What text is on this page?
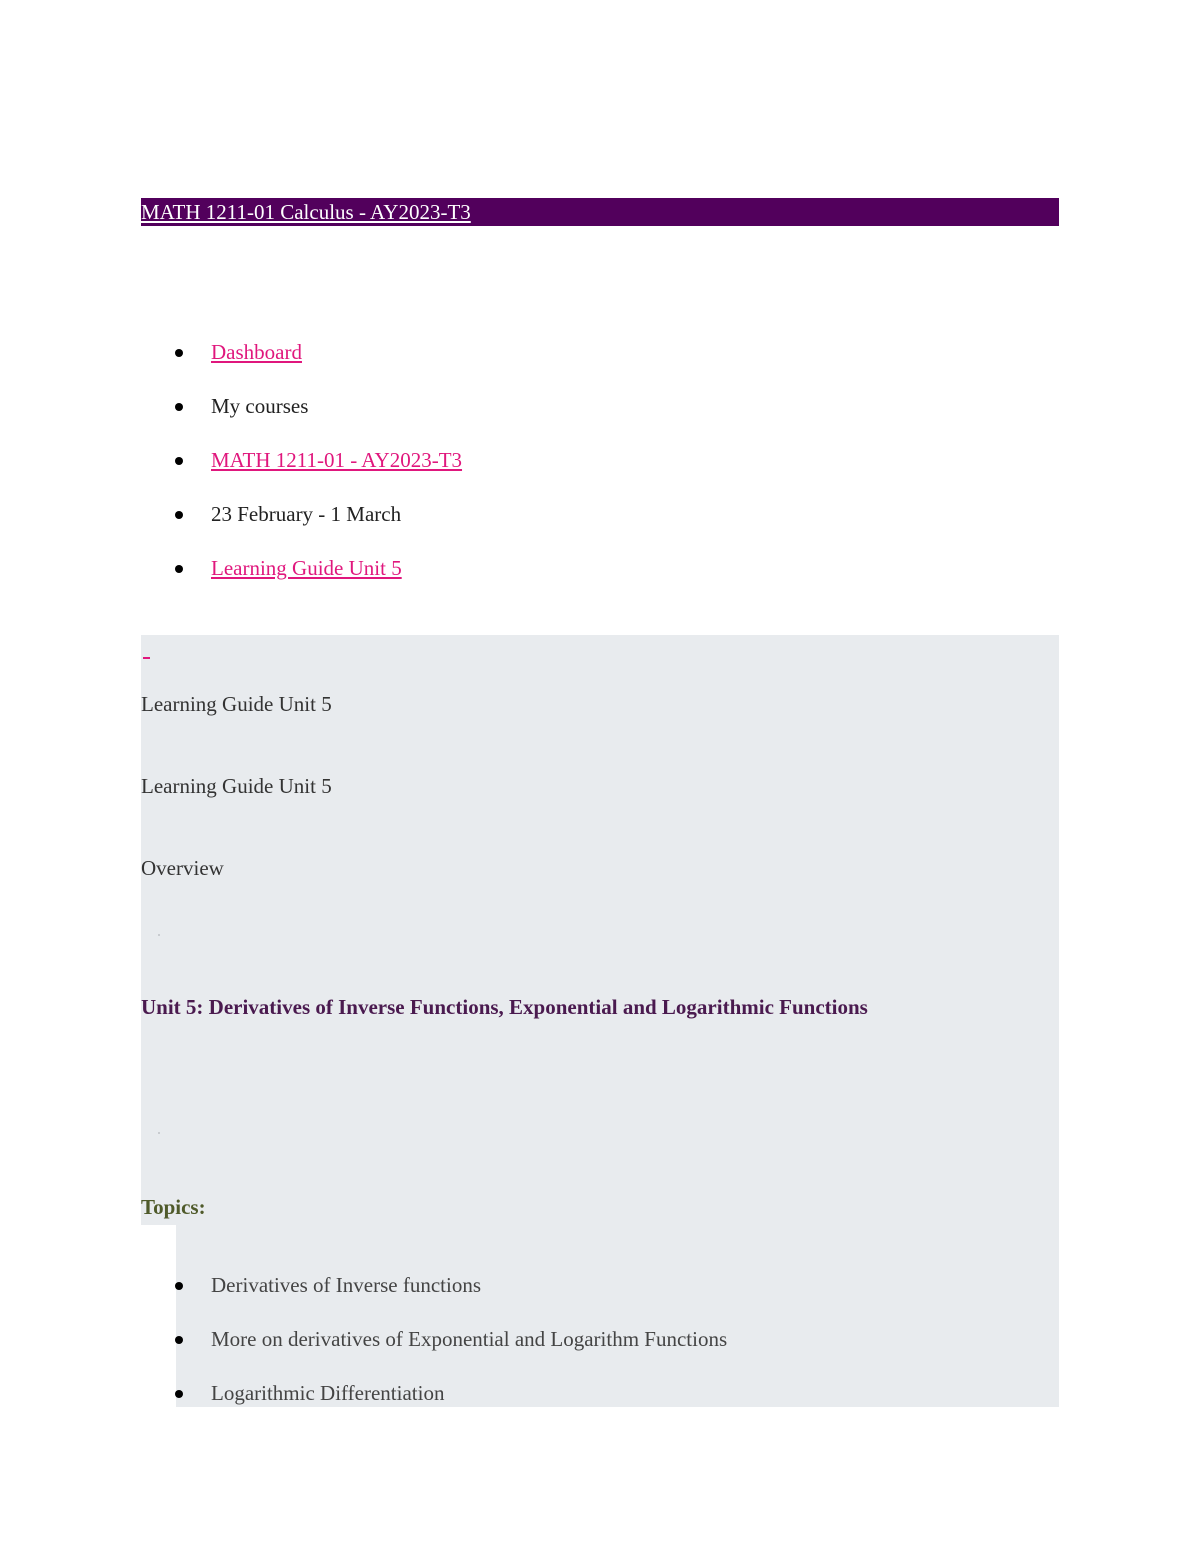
MATH 1211-01 Calculus - AY2023-T3
Dashboard
My courses
MATH 1211-01 - AY2023-T3
23 February - 1 March
Learning Guide Unit 5
Learning Guide Unit 5
Learning Guide Unit 5
Overview
Unit 5: Derivatives of Inverse Functions, Exponential and Logarithmic Functions
Topics:
Derivatives of Inverse functions
More on derivatives of Exponential and Logarithm Functions
Logarithmic Differentiation
